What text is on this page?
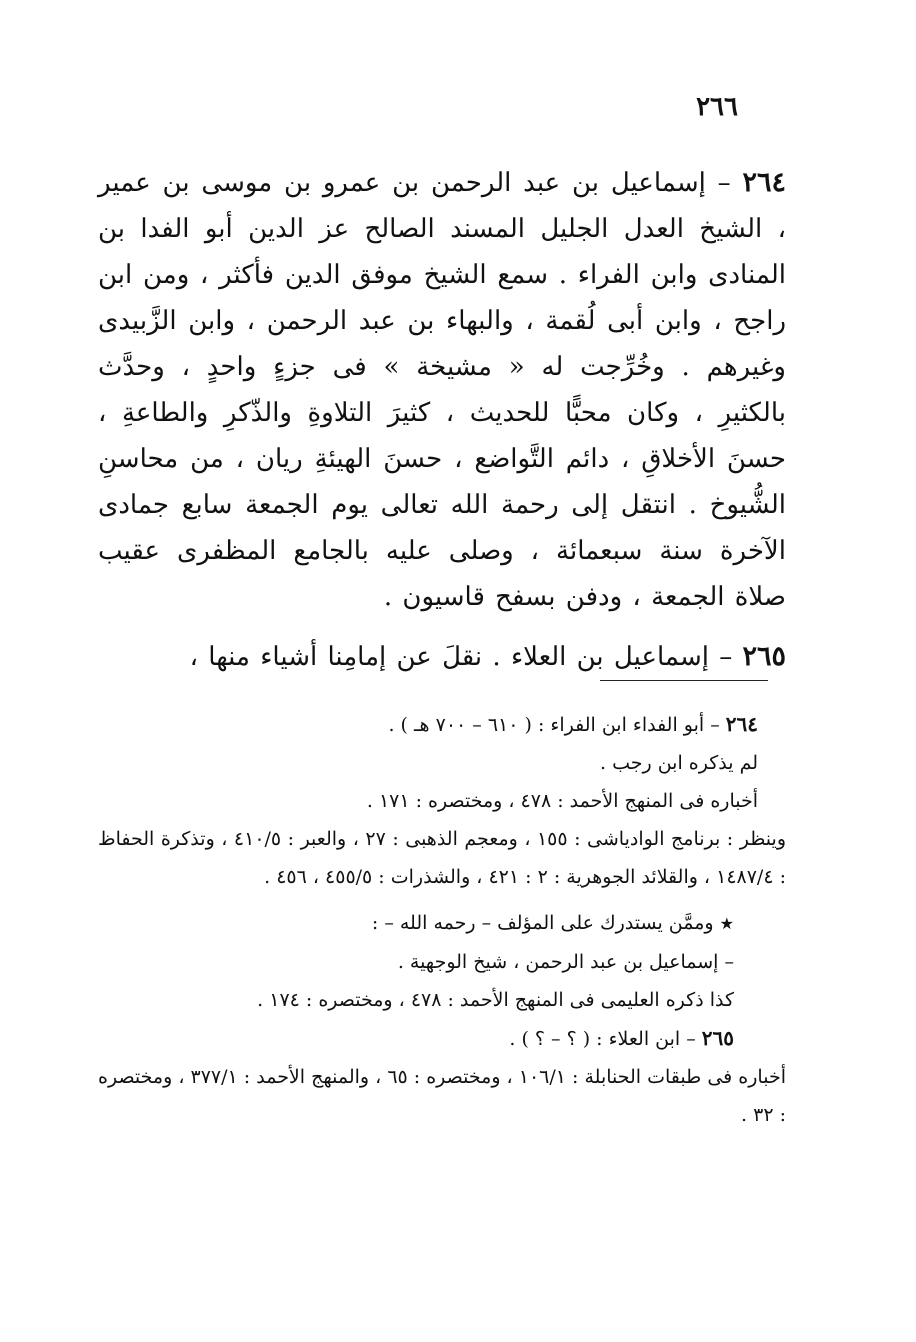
٢٦٦

٢٦٤ – إسماعيل بن عبد الرحمن بن عمرو بن موسى بن عمير ، الشيخ العدل الجليل المسند الصالح عز الدين أبو الفدا بن المنادى وابن الفراء . سمع الشيخ موفق الدين فأكثر ، ومن ابن راجح ، وابن أبى لُقمة ، والبهاء بن عبد الرحمن ، وابن الزَّبيدى وغيرهم . وخُرِّجت له « مشيخة » فى جزءٍ واحدٍ ، وحدَّث بالكثيرِ ، وكان محبًّا للحديث ، كثيرَ التلاوةِ والذّكرِ والطاعةِ ، حسنَ الأخلاقِ ، دائم التَّواضع ، حسنَ الهيئةِ ريان ، من محاسنِ الشُّيوخ . انتقل إلى رحمة الله تعالى يوم الجمعة سابع جمادى الآخرة سنة سبعمائة ، وصلى عليه بالجامع المظفرى عقيب صلاة الجمعة ، ودفن بسفح قاسيون .

٢٦٥ – إسماعيل بن العلاء . نقلَ عن إمامِنا أشياء منها ،

٢٦٤ – أبو الفداء ابن الفراء : ( ٦١٠ – ٧٠٠ هـ ) .

لم يذكره ابن رجب .

أخباره فى المنهج الأحمد : ٤٧٨ ، ومختصره : ١٧١ .

وينظر : برنامج الوادياشى : ١٥٥ ، ومعجم الذهبى : ٢٧ ، والعبر : ٤١٠/٥ ، وتذكرة الحفاظ : ١٤٨٧/٤ ، والقلائد الجوهرية : ٢ : ٤٢١ ، والشذرات : ٤٥٥/٥ ، ٤٥٦ .

★ وممَّن يستدرك على المؤلف – رحمه الله – :

– إسماعيل بن عبد الرحمن ، شيخ الوجهية .

كذا ذكره العليمى فى المنهج الأحمد : ٤٧٨ ، ومختصره : ١٧٤ .

٢٦٥ – ابن العلاء : ( ؟ – ؟ ) .

أخباره فى طبقات الحنابلة : ١٠٦/١ ، ومختصره : ٦٥ ، والمنهج الأحمد : ٣٧٧/١ ، ومختصره : ٣٢ .
